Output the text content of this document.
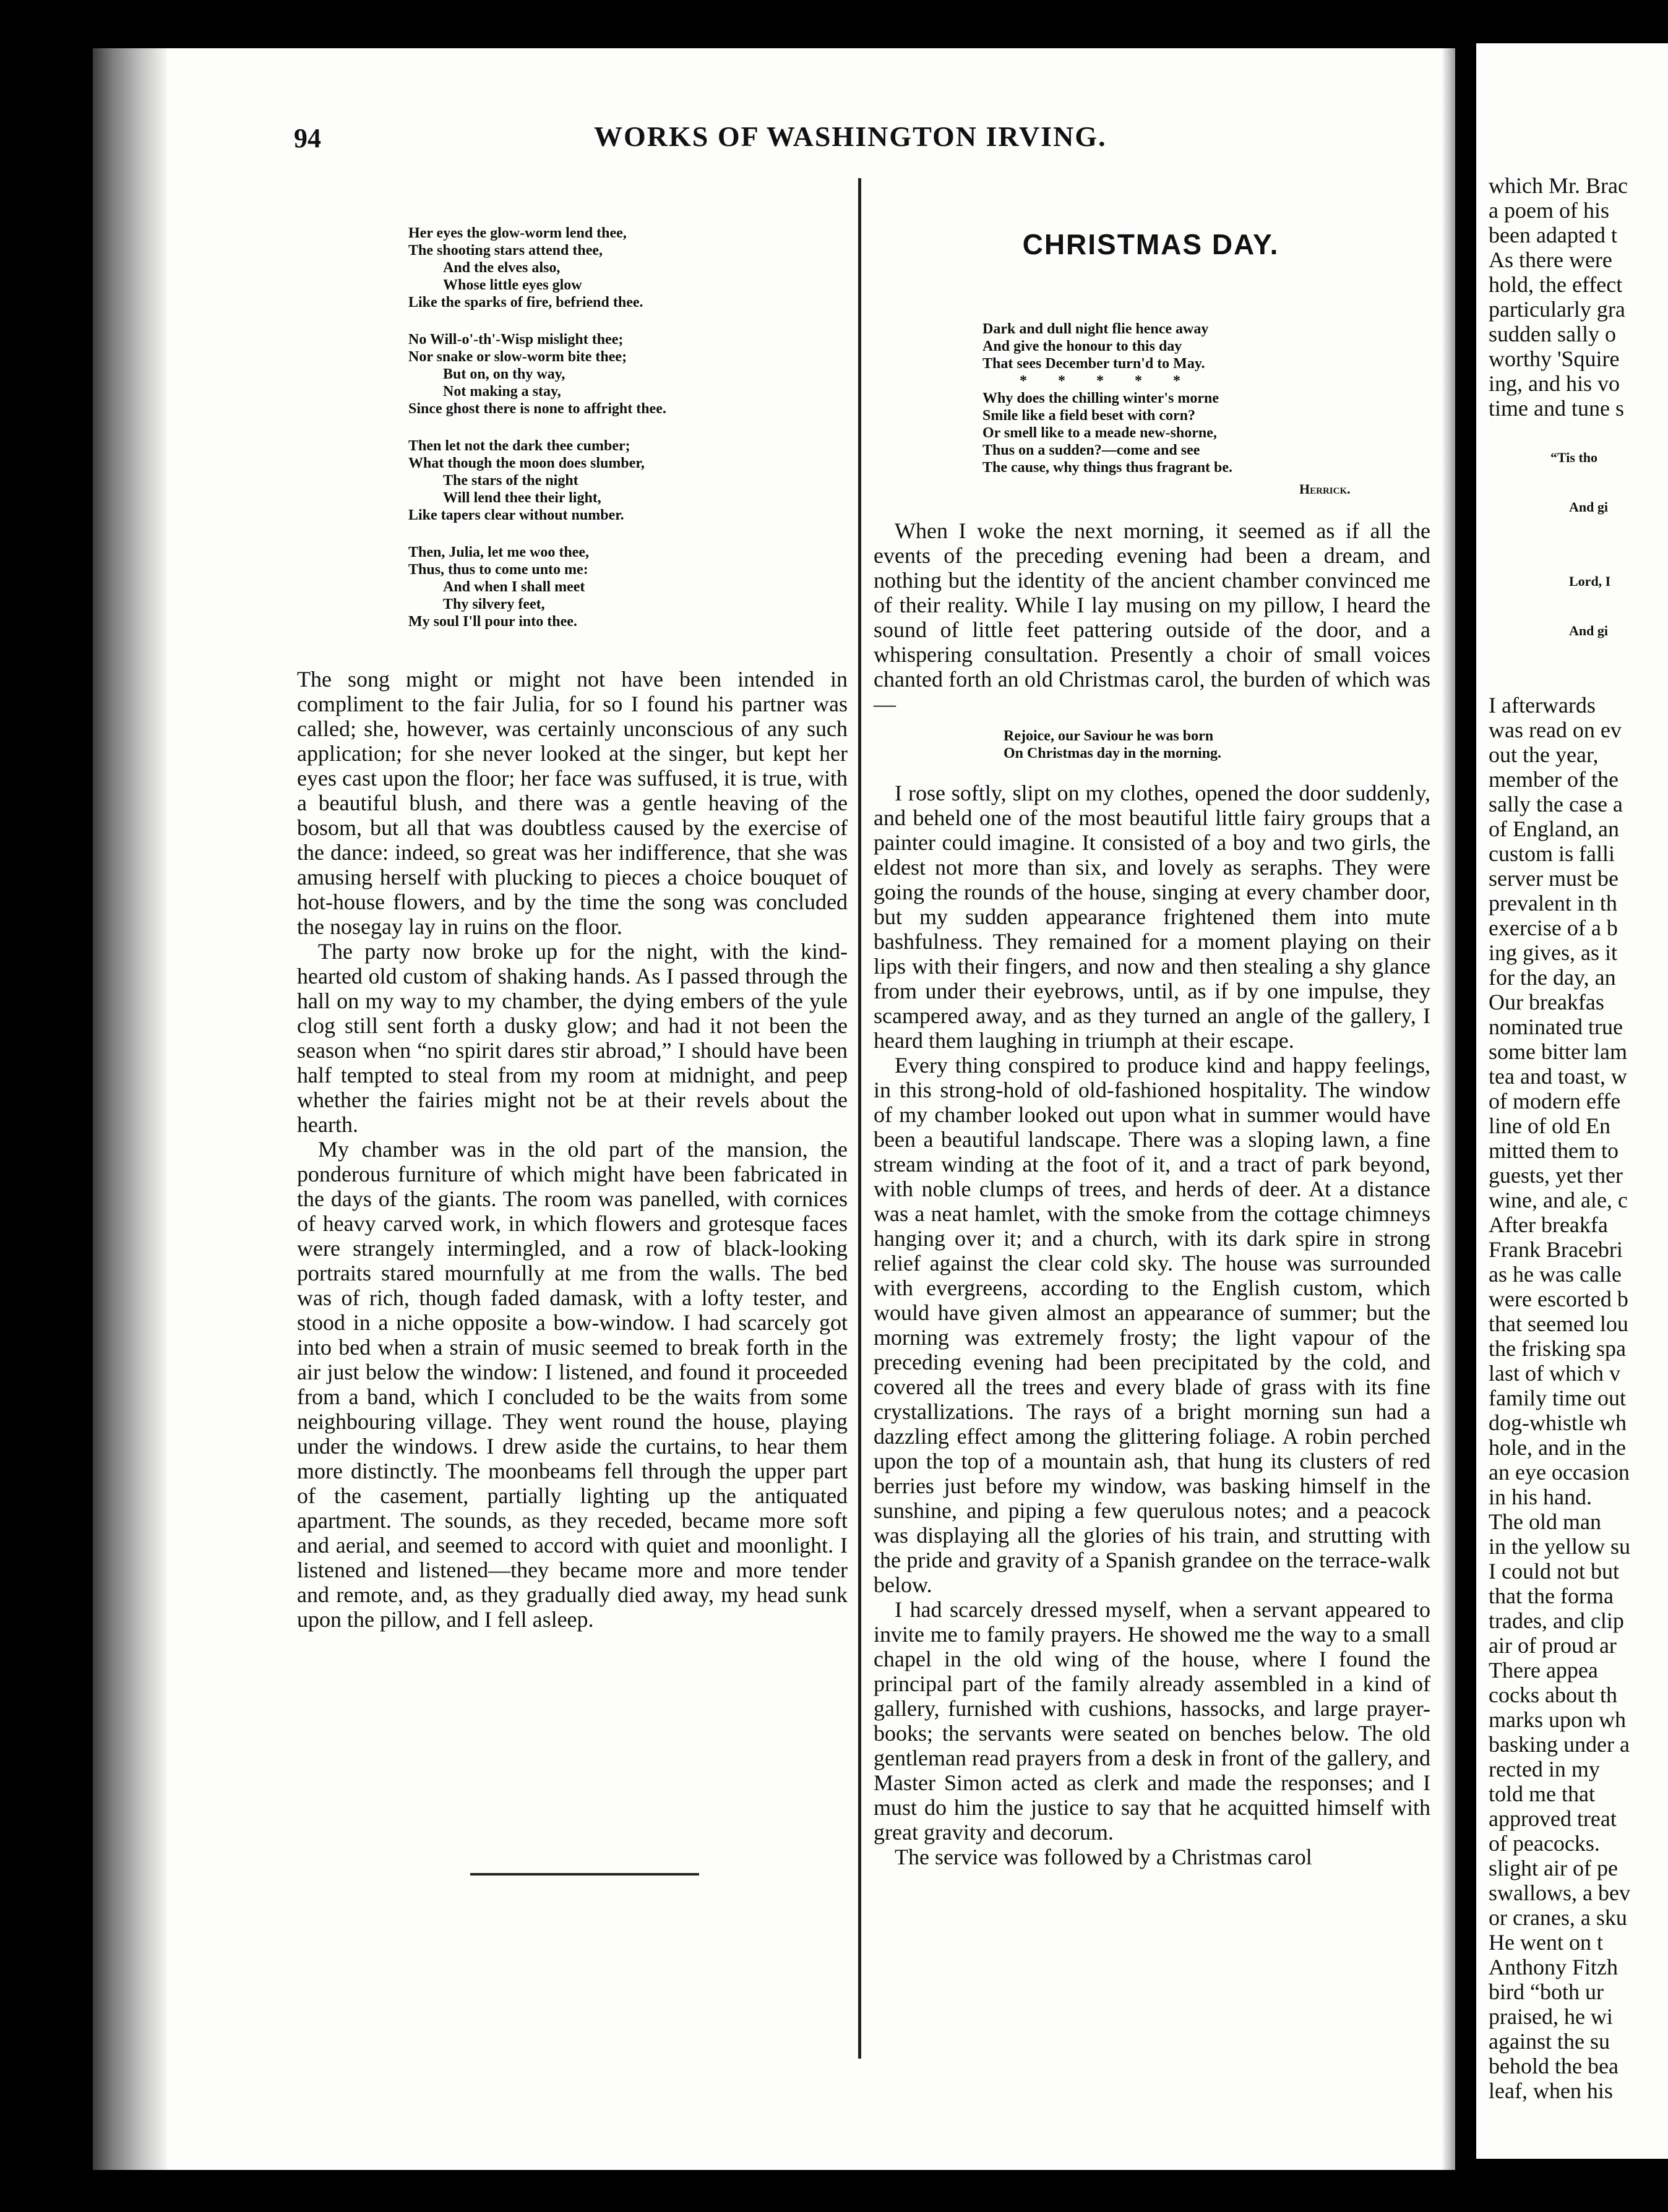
94	WORKS OF WASHINGTON IRVING.
Her eyes the glow-worm lend thee,
The shooting stars attend thee,
And the elves also,
Whose little eyes glow
Like the sparks of fire, befriend thee.
No Will-o'-th'-Wisp mislight thee;
Nor snake or slow-worm bite thee;
But on, on thy way,
Not making a stay,
Since ghost there is none to affright thee.
Then let not the dark thee cumber;
What though the moon does slumber,
The stars of the night
Will lend thee their light,
Like tapers clear without number.
Then, Julia, let me woo thee,
Thus, thus to come unto me:
And when I shall meet
Thy silvery feet,
My soul I'll pour into thee.

The song might or might not have been intended in compliment to the fair Julia, for so I found his partner was called; she, however, was certainly unconscious of any such application; for she never looked at the singer, but kept her eyes cast upon the floor; her face was suffused, it is true, with a beautiful blush, and there was a gentle heaving of the bosom, but all that was doubtless caused by the exercise of the dance: indeed, so great was her indifference, that she was amusing herself with plucking to pieces a choice bouquet of hot-house flowers, and by the time the song was concluded the nosegay lay in ruins on the floor.

The party now broke up for the night, with the kind-hearted old custom of shaking hands. As I passed through the hall on my way to my chamber, the dying embers of the yule clog still sent forth a dusky glow; and had it not been the season when “no spirit dares stir abroad,” I should have been half tempted to steal from my room at midnight, and peep whether the fairies might not be at their revels about the hearth.

My chamber was in the old part of the mansion, the ponderous furniture of which might have been fabricated in the days of the giants. The room was panelled, with cornices of heavy carved work, in which flowers and grotesque faces were strangely intermingled, and a row of black-looking portraits stared mournfully at me from the walls. The bed was of rich, though faded damask, with a lofty tester, and stood in a niche opposite a bow-window. I had scarcely got into bed when a strain of music seemed to break forth in the air just below the window: I listened, and found it proceeded from a band, which I concluded to be the waits from some neighbouring village. They went round the house, playing under the windows. I drew aside the curtains, to hear them more distinctly. The moonbeams fell through the upper part of the casement, partially lighting up the antiquated apartment. The sounds, as they receded, became more soft and aerial, and seemed to accord with quiet and moonlight. I listened and listened—they became more and more tender and remote, and, as they gradually died away, my head sunk upon the pillow, and I fell asleep.

CHRISTMAS DAY.
Dark and dull night flie hence away
And give the honour to this day
That sees December turn'd to May.
* * * * *
Why does the chilling winter's morne
Smile like a field beset with corn?
Or smell like to a meade new-shorne,
Thus on a sudden?—come and see
The cause, why things thus fragrant be.
Herrick.

When I woke the next morning, it seemed as if all the events of the preceding evening had been a dream, and nothing but the identity of the ancient chamber convinced me of their reality. While I lay musing on my pillow, I heard the sound of little feet pattering outside of the door, and a whispering consultation. Presently a choir of small voices chanted forth an old Christmas carol, the burden of which was—

Rejoice, our Saviour he was born
On Christmas day in the morning.

I rose softly, slipt on my clothes, opened the door suddenly, and beheld one of the most beautiful little fairy groups that a painter could imagine. It consisted of a boy and two girls, the eldest not more than six, and lovely as seraphs. They were going the rounds of the house, singing at every chamber door, but my sudden appearance frightened them into mute bashfulness. They remained for a moment playing on their lips with their fingers, and now and then stealing a shy glance from under their eyebrows, until, as if by one impulse, they scampered away, and as they turned an angle of the gallery, I heard them laughing in triumph at their escape.

Every thing conspired to produce kind and happy feelings, in this strong-hold of old-fashioned hospitality. The window of my chamber looked out upon what in summer would have been a beautiful landscape. There was a sloping lawn, a fine stream winding at the foot of it, and a tract of park beyond, with noble clumps of trees, and herds of deer. At a distance was a neat hamlet, with the smoke from the cottage chimneys hanging over it; and a church, with its dark spire in strong relief against the clear cold sky. The house was surrounded with evergreens, according to the English custom, which would have given almost an appearance of summer; but the morning was extremely frosty; the light vapour of the preceding evening had been precipitated by the cold, and covered all the trees and every blade of grass with its fine crystallizations. The rays of a bright morning sun had a dazzling effect among the glittering foliage. A robin perched upon the top of a mountain ash, that hung its clusters of red berries just before my window, was basking himself in the sunshine, and piping a few querulous notes; and a peacock was displaying all the glories of his train, and strutting with the pride and gravity of a Spanish grandee on the terrace-walk below.

I had scarcely dressed myself, when a servant appeared to invite me to family prayers. He showed me the way to a small chapel in the old wing of the house, where I found the principal part of the family already assembled in a kind of gallery, furnished with cushions, hassocks, and large prayer-books; the servants were seated on benches below. The old gentleman read prayers from a desk in front of the gallery, and Master Simon acted as clerk and made the responses; and I must do him the justice to say that he acquitted himself with great gravity and decorum.

The service was followed by a Christmas carol

which Mr. Brac
a poem of his
been adapted t
As there were
hold, the effect
particularly gra
sudden sally o
worthy 'Squire
ing, and his vo
time and tune s
“Tis tho
And gi
Lord, I
And gi
I afterwards
was read on ev
out the year,
member of the
sally the case a
of England, an
custom is falli
server must be
prevalent in th
exercise of a b
ing gives, as it
for the day, an
Our breakfas
nominated true
some bitter lam
tea and toast, w
of modern effe
line of old En
mitted them to
guests, yet ther
wine, and ale, c
After breakfa
Frank Bracebri
as he was calle
were escorted b
that seemed lou
the frisking spa
last of which v
family time out
dog-whistle wh
hole, and in the
an eye occasion
in his hand.
The old man
in the yellow su
I could not but
that the forma
trades, and clip
air of proud ar
There appea
cocks about th
marks upon wh
basking under a
rected in my
told me that
approved treat
of peacocks.
slight air of pe
swallows, a bev
or cranes, a sku
He went on t
Anthony Fitzh
bird “both ur
praised, he wi
against the su
behold the bea
leaf, when his
